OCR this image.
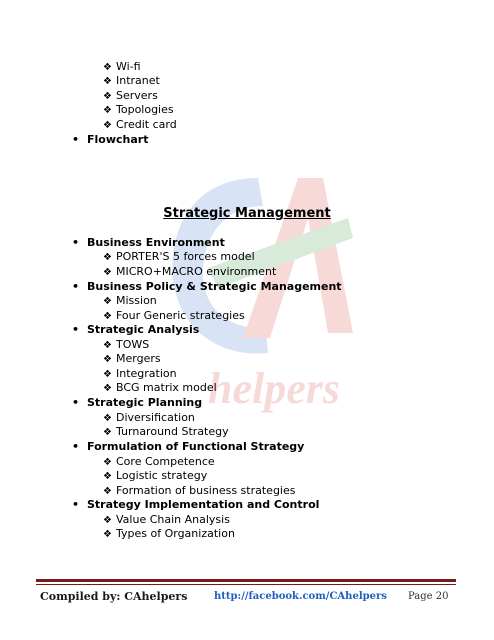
helpers
❖ Wi-fi
❖ Intranet
❖ Servers
❖ Topologies
❖ Credit card
• Flowchart
Strategic Management
• Business Environment
❖ PORTER'S 5 forces model
❖ MICRO+MACRO environment
• Business Policy & Strategic Management
❖ Mission
❖ Four Generic strategies
• Strategic Analysis
❖ TOWS
❖ Mergers
❖ Integration
❖ BCG matrix model
• Strategic Planning
❖ Diversification
❖ Turnaround Strategy
• Formulation of Functional Strategy
❖ Core Competence
❖ Logistic strategy
❖ Formation of business strategies
• Strategy Implementation and Control
❖ Value Chain Analysis
❖ Types of Organization
Compiled by: CAhelpers	http://facebook.com/CAhelpers Page 20
